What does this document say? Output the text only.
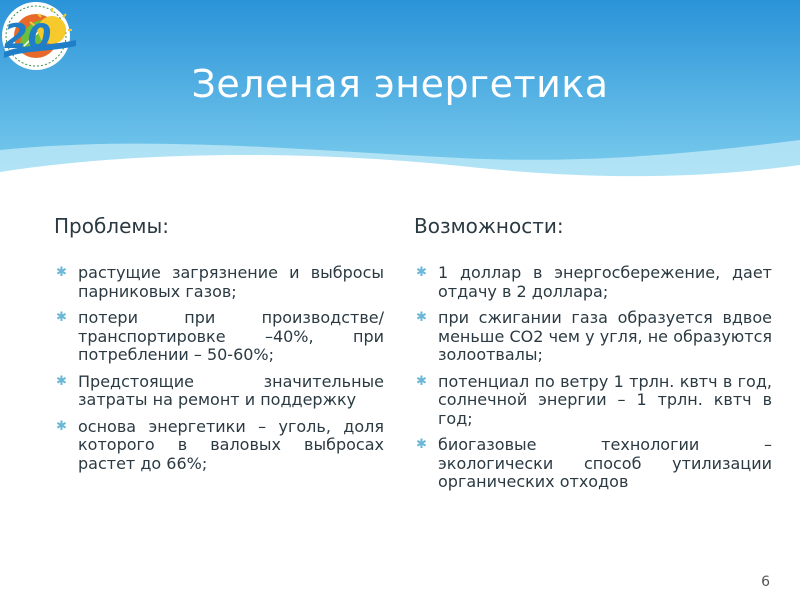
Зеленая энергетика
20
Проблемы:
✱ растущие загрязнение и выбросы парниковых газов;
✱ потери при производстве/транспортировке –40%, при потреблении – 50-60%;
✱ Предстоящие значительные затраты на ремонт и поддержку
✱ основа энергетики – уголь, доля которого в валовых выбросах растет до 66%;
Возможности:
✱ 1 доллар в энергосбережение, дает отдачу в 2 доллара;
✱ при сжигании газа образуется вдвое меньше СО2 чем у угля, не образуются золоотвалы;
✱ потенциал по ветру 1 трлн. квтч в год, солнечной энергии – 1 трлн. квтч в год;
✱ биогазовые технологии – экологически способ утилизации органических отходов
6
